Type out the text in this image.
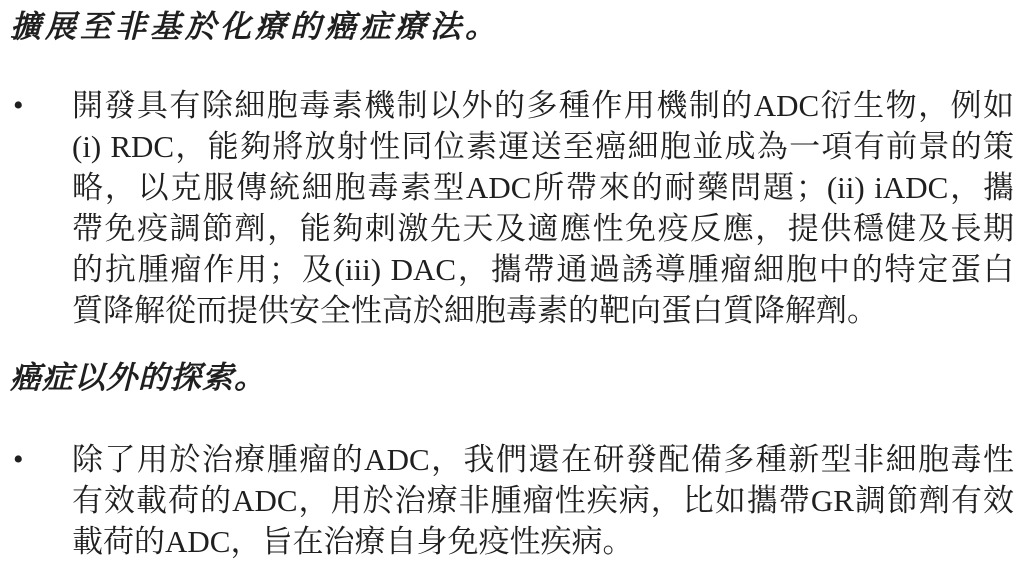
擴展至非基於化療的癌症療法。
•	開發具有除細胞毒素機制以外的多種作用機制的ADC衍生物，例如
(i) RDC，能夠將放射性同位素運送至癌細胞並成為一項有前景的策
略，以克服傳統細胞毒素型ADC所帶來的耐藥問題；(ii) iADC，攜
帶免疫調節劑，能夠刺激先天及適應性免疫反應，提供穩健及長期
的抗腫瘤作用；及(iii) DAC，攜帶通過誘導腫瘤細胞中的特定蛋白
質降解從而提供安全性高於細胞毒素的靶向蛋白質降解劑。
癌症以外的探索。
•	除了用於治療腫瘤的ADC，我們還在研發配備多種新型非細胞毒性
有效載荷的ADC，用於治療非腫瘤性疾病，比如攜帶GR調節劑有效
載荷的ADC，旨在治療自身免疫性疾病。
